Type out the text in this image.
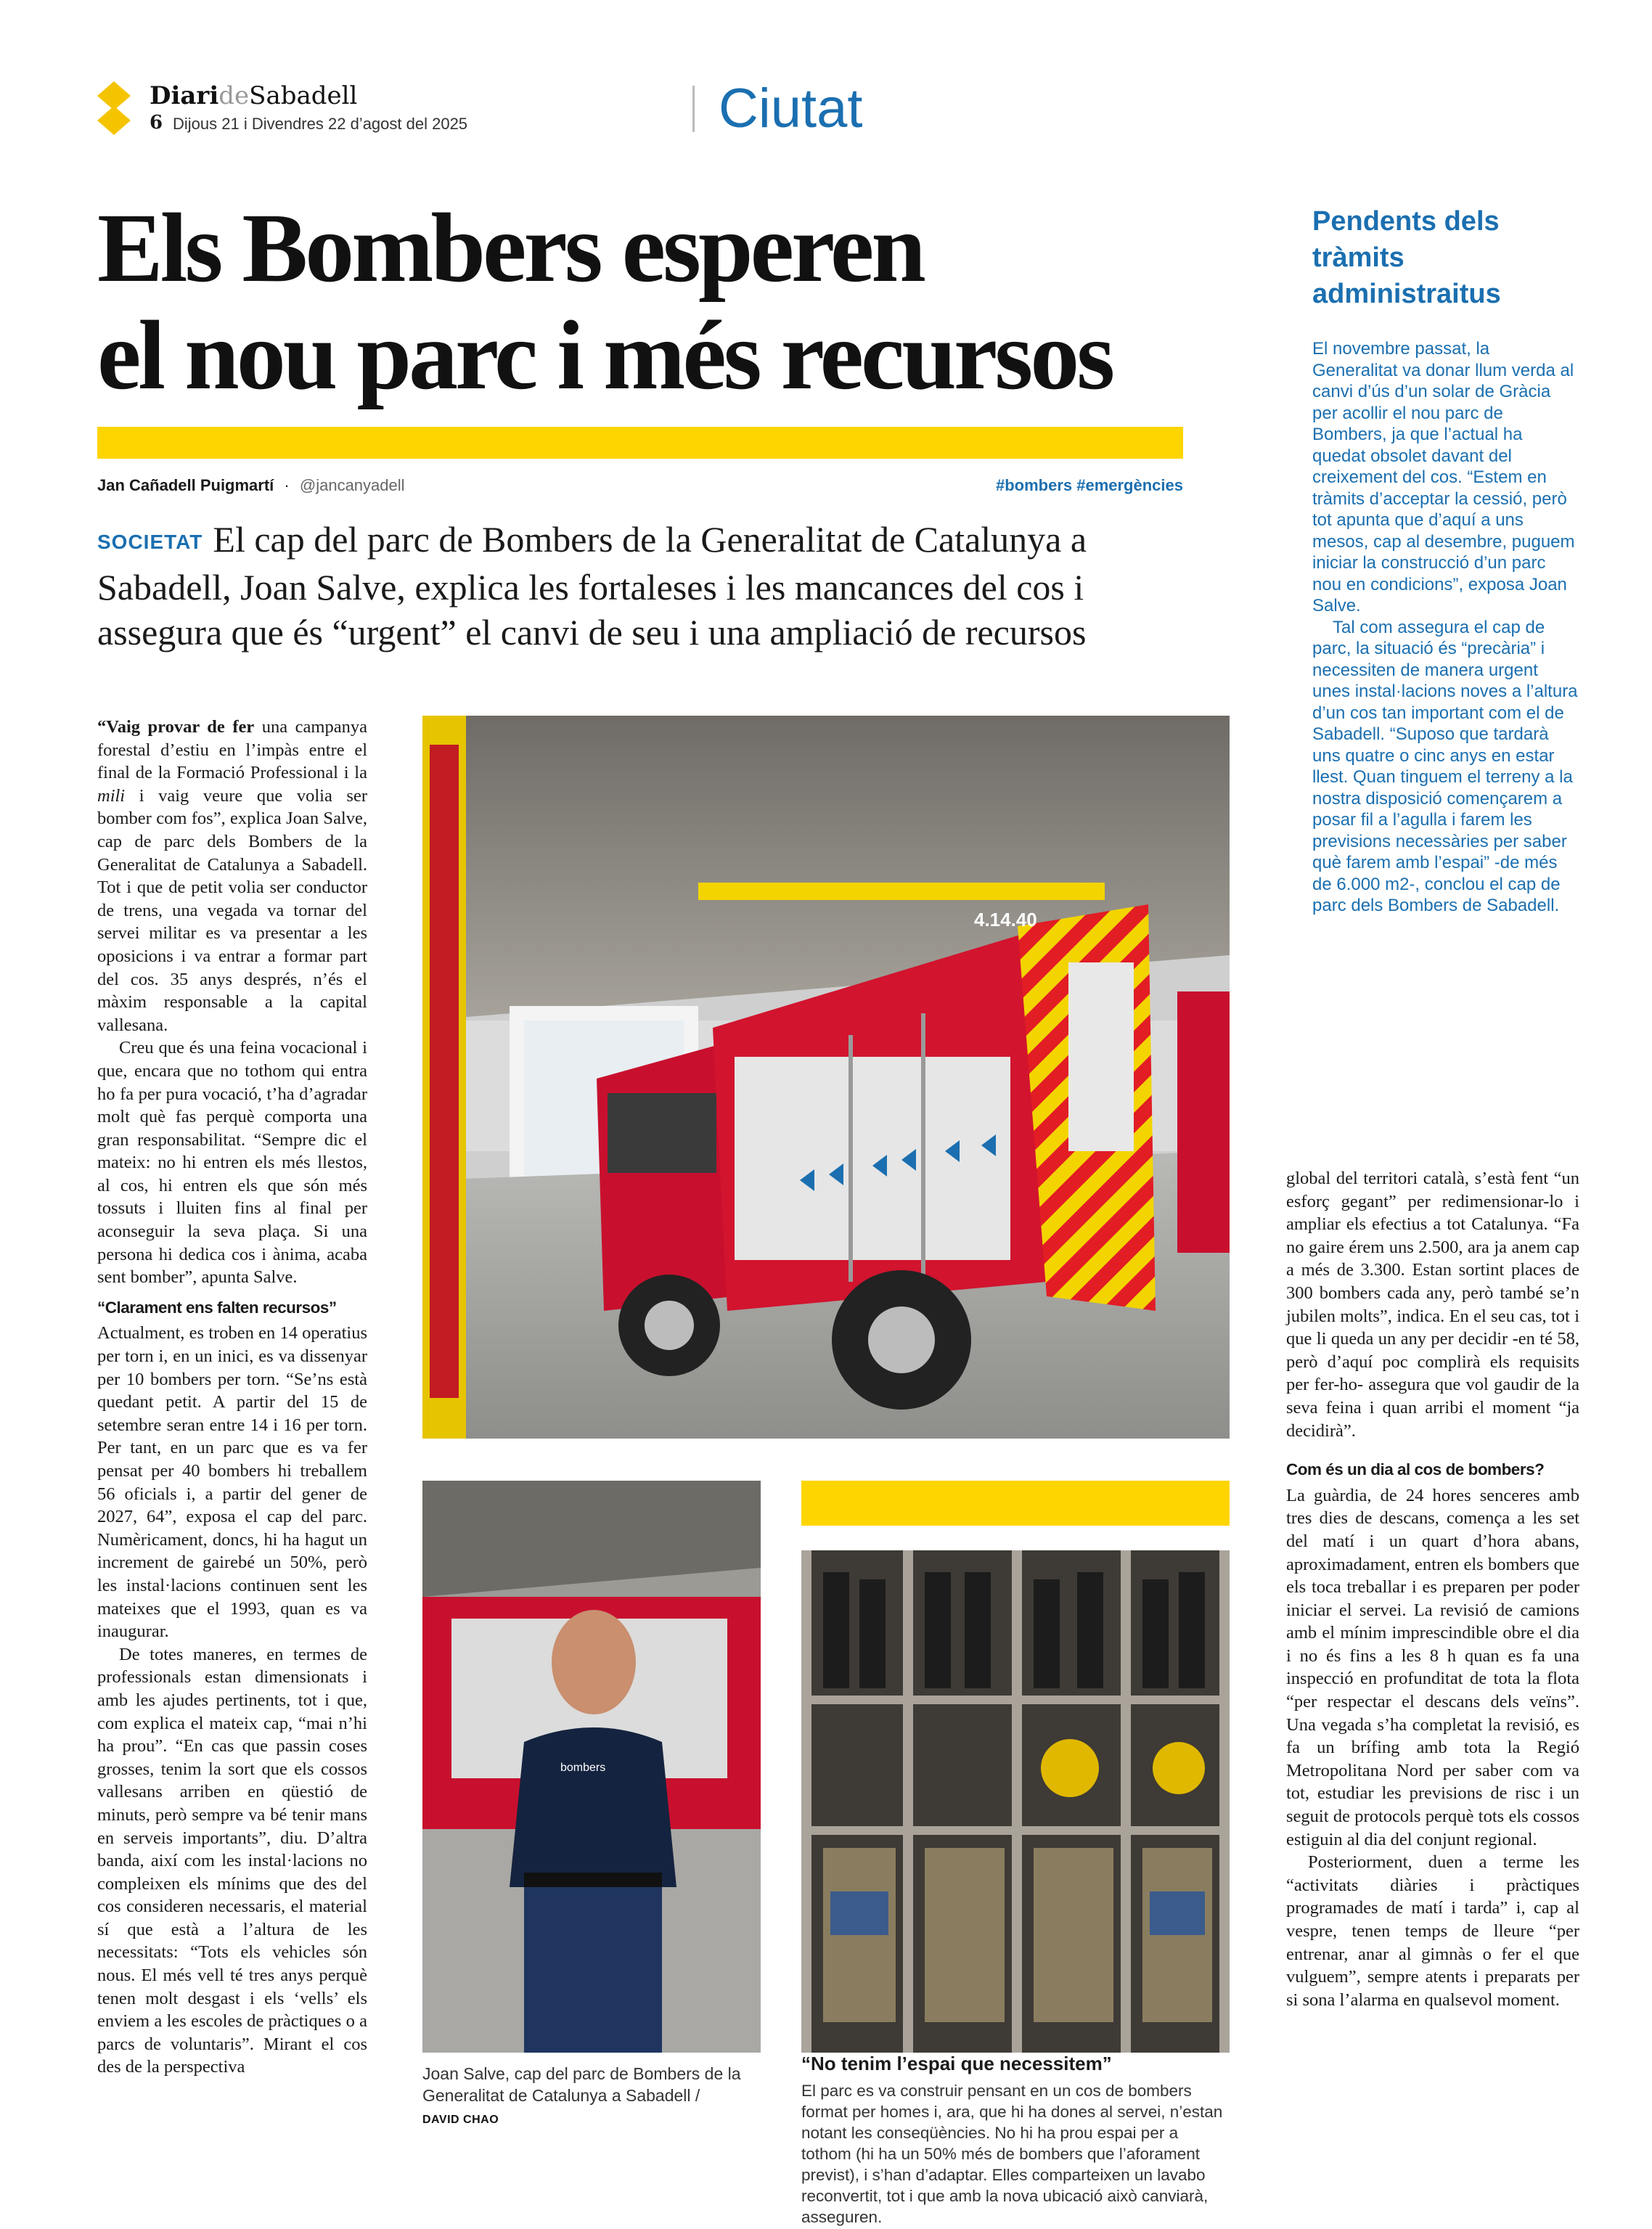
DiarideSabadell
6 Dijous 21 i Divendres 22 d’agost del 2025	Ciutat
Els Bombers esperen
el nou parc i més recursos
Jan Cañadell Puigmartí · @jancanyadell	#bombers #emergències
SOCIETAT El cap del parc de Bombers de la Generalitat de Catalunya a Sabadell, Joan Salve, explica les fortaleses i les mancances del cos i assegura que és “urgent” el canvi de seu i una ampliació de recursos
Pendents dels tràmits administraitus

El novembre passat, la Generalitat va donar llum verda al canvi d’ús d’un solar de Gràcia per acollir el nou parc de Bombers, ja que l’actual ha quedat obsolet davant del creixement del cos. “Estem en tràmits d’acceptar la cessió, però tot apunta que d’aquí a uns mesos, cap al desembre, puguem iniciar la construcció d’un parc nou en condicions”, exposa Joan Salve.

Tal com assegura el cap de parc, la situació és “precària” i necessiten de manera urgent unes instal·lacions noves a l’altura d’un cos tan important com el de Sabadell. “Suposo que tardarà uns quatre o cinc anys en estar llest. Quan tinguem el terreny a la nostra disposició començarem a posar fil a l’agulla i farem les previsions necessàries per saber què farem amb l’espai” -de més de 6.000 m2-, conclou el cap de parc dels Bombers de Sabadell.

“Vaig provar de fer una campanya forestal d’estiu en l’impàs entre el final de la Formació Professional i la mili i vaig veure que volia ser bomber com fos”, explica Joan Salve, cap de parc dels Bombers de la Generalitat de Catalunya a Sabadell. Tot i que de petit volia ser conductor de trens, una vegada va tornar del servei militar es va presentar a les oposicions i va entrar a formar part del cos. 35 anys després, n’és el màxim responsable a la capital vallesana.

Creu que és una feina vocacional i que, encara que no tothom qui entra ho fa per pura vocació, t’ha d’agradar molt què fas perquè comporta una gran responsabilitat. “Sempre dic el mateix: no hi entren els més llestos, al cos, hi entren els que són més tossuts i lluiten fins al final per aconseguir la seva plaça. Si una persona hi dedica cos i ànima, acaba sent bomber”, apunta Salve.

“Clarament ens falten recursos”

Actualment, es troben en 14 operatius per torn i, en un inici, es va dissenyar per 10 bombers per torn. “Se’ns està quedant petit. A partir del 15 de setembre seran entre 14 i 16 per torn. Per tant, en un parc que es va fer pensat per 40 bombers hi treballem 56 oficials i, a partir del gener de 2027, 64”, exposa el cap del parc. Numèricament, doncs, hi ha hagut un increment de gairebé un 50%, però les instal·lacions continuen sent les mateixes que el 1993, quan es va inaugurar.

De totes maneres, en termes de professionals estan dimensionats i amb les ajudes pertinents, tot i que, com explica el mateix cap, “mai n’hi ha prou”. “En cas que passin coses grosses, tenim la sort que els cossos vallesans arriben en qüestió de minuts, però sempre va bé tenir mans en serveis importants”, diu. D’altra banda, així com les instal·lacions no compleixen els mínims que des del cos consideren necessaris, el material sí que està a l’altura de les necessitats: “Tots els vehicles són nous. El més vell té tres anys perquè tenen molt desgast i els ‘vells’ els enviem a les escoles de pràctiques o a parcs de voluntaris”. Mirant el cos des de la perspectiva

4.14.40
bombers
Joan Salve, cap del parc de Bombers de la Generalitat de Catalunya a Sabadell /
DAVID CHAO
“No tenim l’espai que necessitem”
El parc es va construir pensant en un cos de bombers format per homes i, ara, que hi ha dones al servei, n’estan notant les conseqüències. No hi ha prou espai per a tothom (hi ha un 50% més de bombers que l’aforament previst), i s’han d’adaptar. Elles comparteixen un lavabo reconvertit, tot i que amb la nova ubicació això canviarà, asseguren.

global del territori català, s’està fent “un esforç gegant” per redimensionar-lo i ampliar els efectius a tot Catalunya. “Fa no gaire érem uns 2.500, ara ja anem cap a més de 3.300. Estan sortint places de 300 bombers cada any, però també se’n jubilen molts”, indica. En el seu cas, tot i que li queda un any per decidir -en té 58, però d’aquí poc complirà els requisits per fer-ho- assegura que vol gaudir de la seva feina i quan arribi el moment “ja decidirà”.

Com és un dia al cos de bombers?

La guàrdia, de 24 hores senceres amb tres dies de descans, comença a les set del matí i un quart d’hora abans, aproximadament, entren els bombers que els toca treballar i es preparen per poder iniciar el servei. La revisió de camions amb el mínim imprescindible obre el dia i no és fins a les 8 h quan es fa una inspecció en profunditat de tota la flota “per respectar el descans dels veïns”. Una vegada s’ha completat la revisió, es fa un brífing amb tota la Regió Metropolitana Nord per saber com va tot, estudiar les previsions de risc i un seguit de protocols perquè tots els cossos estiguin al dia del conjunt regional.

Posteriorment, duen a terme les “activitats diàries i pràctiques programades de matí i tarda” i, cap al vespre, tenen temps de lleure “per entrenar, anar al gimnàs o fer el que vulguem”, sempre atents i preparats per si sona l’alarma en qualsevol moment.
